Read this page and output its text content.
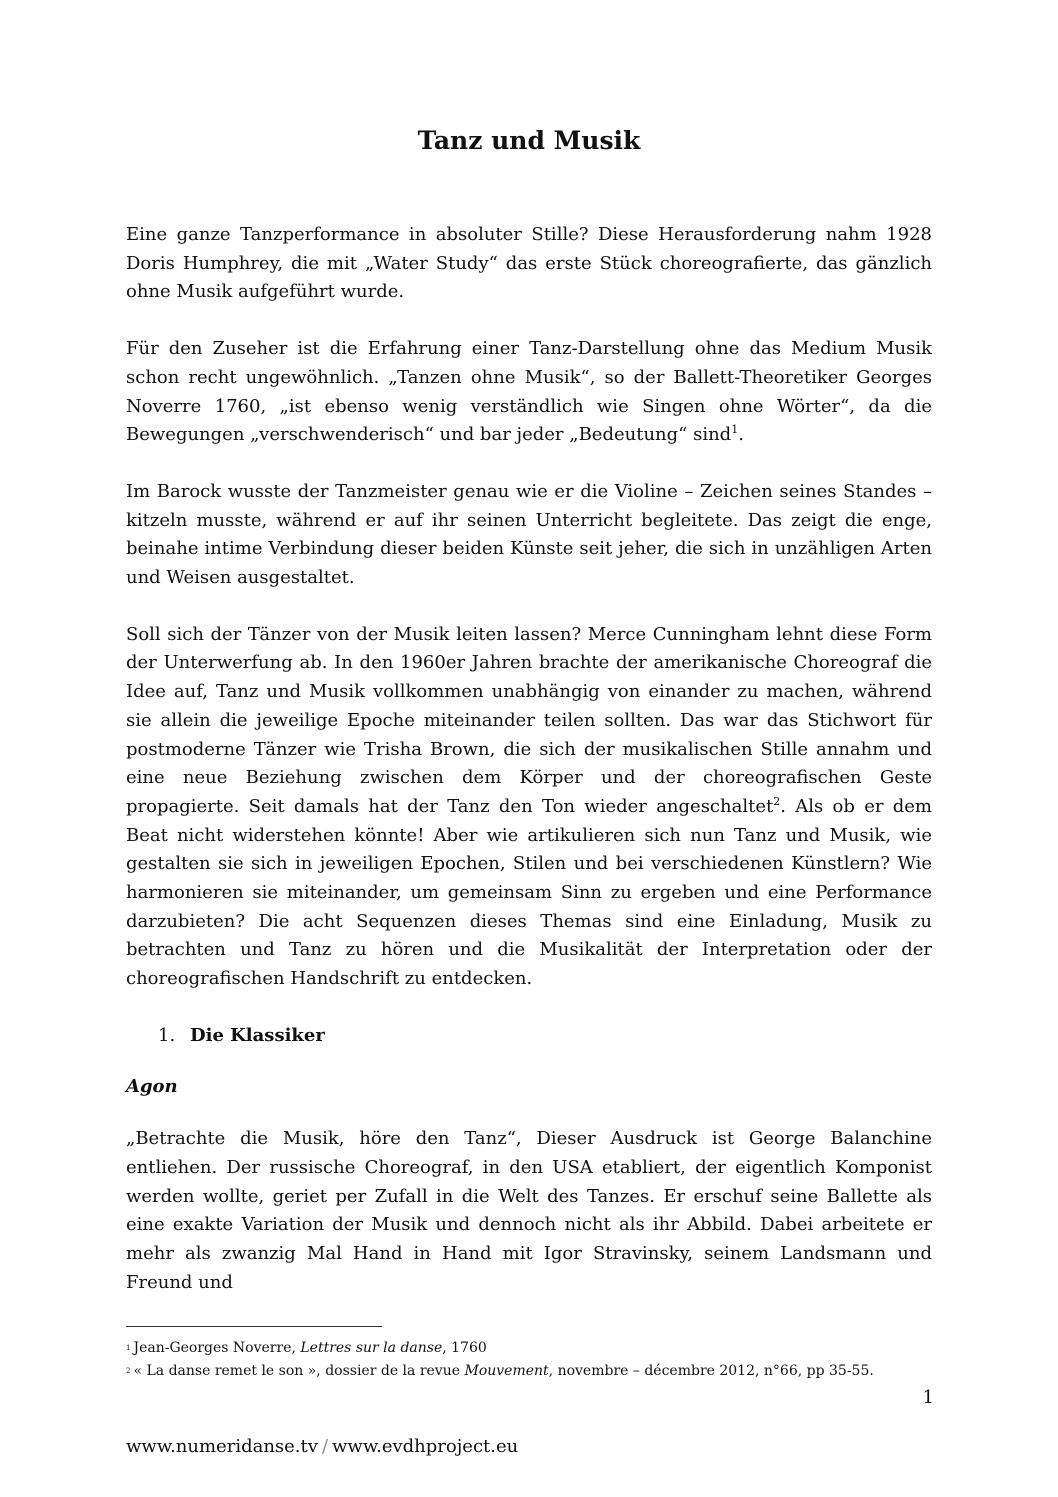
Tanz und Musik

Eine ganze Tanzperformance in absoluter Stille? Diese Herausforderung nahm 1928 Doris Humphrey, die mit „Water Study“ das erste Stück choreografierte, das gänzlich ohne Musik aufgeführt wurde.

Für den Zuseher ist die Erfahrung einer Tanz-Darstellung ohne das Medium Musik schon recht ungewöhnlich. „Tanzen ohne Musik“, so der Ballett-Theoretiker Georges Noverre 1760, „ist ebenso wenig verständlich wie Singen ohne Wörter“, da die Bewegungen „verschwenderisch“ und bar jeder „Bedeutung“ sind$^1$.

Im Barock wusste der Tanzmeister genau wie er die Violine – Zeichen seines Standes – kitzeln musste, während er auf ihr seinen Unterricht begleitete. Das zeigt die enge, beinahe intime Verbindung dieser beiden Künste seit jeher, die sich in unzähligen Arten und Weisen ausgestaltet.

Soll sich der Tänzer von der Musik leiten lassen? Merce Cunningham lehnt diese Form der Unterwerfung ab. In den 1960er Jahren brachte der amerikanische Choreograf die Idee auf, Tanz und Musik vollkommen unabhängig von einander zu machen, während sie allein die jeweilige Epoche miteinander teilen sollten. Das war das Stichwort für postmoderne Tänzer wie Trisha Brown, die sich der musikalischen Stille annahm und eine neue Beziehung zwischen dem Körper und der choreografischen Geste propagierte. Seit damals hat der Tanz den Ton wieder angeschaltet$^2$. Als ob er dem Beat nicht widerstehen könnte! Aber wie artikulieren sich nun Tanz und Musik, wie gestalten sie sich in jeweiligen Epochen, Stilen und bei verschiedenen Künstlern? Wie harmonieren sie miteinander, um gemeinsam Sinn zu ergeben und eine Performance darzubieten? Die acht Sequenzen dieses Themas sind eine Einladung, Musik zu betrachten und Tanz zu hören und die Musikalität der Interpretation oder der choreografischen Handschrift zu entdecken.

1. Die Klassiker
Agon

„Betrachte die Musik, höre den Tanz“, Dieser Ausdruck ist George Balanchine entliehen. Der russische Choreograf, in den USA etabliert, der eigentlich Komponist werden wollte, geriet per Zufall in die Welt des Tanzes. Er erschuf seine Ballette als eine exakte Variation der Musik und dennoch nicht als ihr Abbild. Dabei arbeitete er mehr als zwanzig Mal Hand in Hand mit Igor Stravinsky, seinem Landsmann und Freund und

$^1$ Jean-Georges Noverre, Lettres sur la danse, 1760
$^2$ « La danse remet le son », dossier de la revue Mouvement, novembre – décembre 2012, n°66, pp 35-55.
1
www.numeridanse.tv / www.evdhproject.eu
